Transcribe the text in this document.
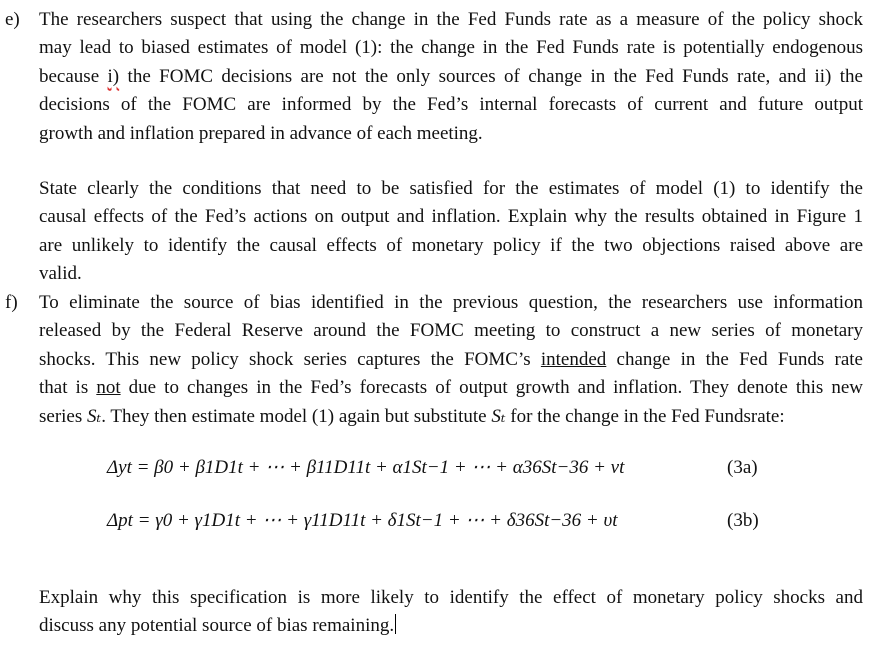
e) The researchers suspect that using the change in the Fed Funds rate as a measure of the policy shock
may lead to biased estimates of model (1): the change in the Fed Funds rate is potentially endogenous
because i) the FOMC decisions are not the only sources of change in the Fed Funds rate, and ii) the
decisions of the FOMC are informed by the Fed’s internal forecasts of current and future output
growth and inflation prepared in advance of each meeting.
State clearly the conditions that need to be satisfied for the estimates of model (1) to identify the
causal effects of the Fed’s actions on output and inflation. Explain why the results obtained in Figure 1
are unlikely to identify the causal effects of monetary policy if the two objections raised above are
valid.
f) To eliminate the source of bias identified in the previous question, the researchers use information
released by the Federal Reserve around the FOMC meeting to construct a new series of monetary
shocks. This new policy shock series captures the FOMC’s intended change in the Fed Funds rate
that is not due to changes in the Fed’s forecasts of output growth and inflation. They denote this new
series Sₜ. They then estimate model (1) again but substitute Sₜ for the change in the Fed Fundsrate:
Δyt = β0 + β1D1t + ⋯ + β11D11t + α1St−1 + ⋯ + α36St−36 + νt	(3a)
Δpt = γ0 + γ1D1t + ⋯ + γ11D11t + δ1St−1 + ⋯ + δ36St−36 + υt	(3b)
Explain why this specification is more likely to identify the effect of monetary policy shocks and
discuss any potential source of bias remaining.
